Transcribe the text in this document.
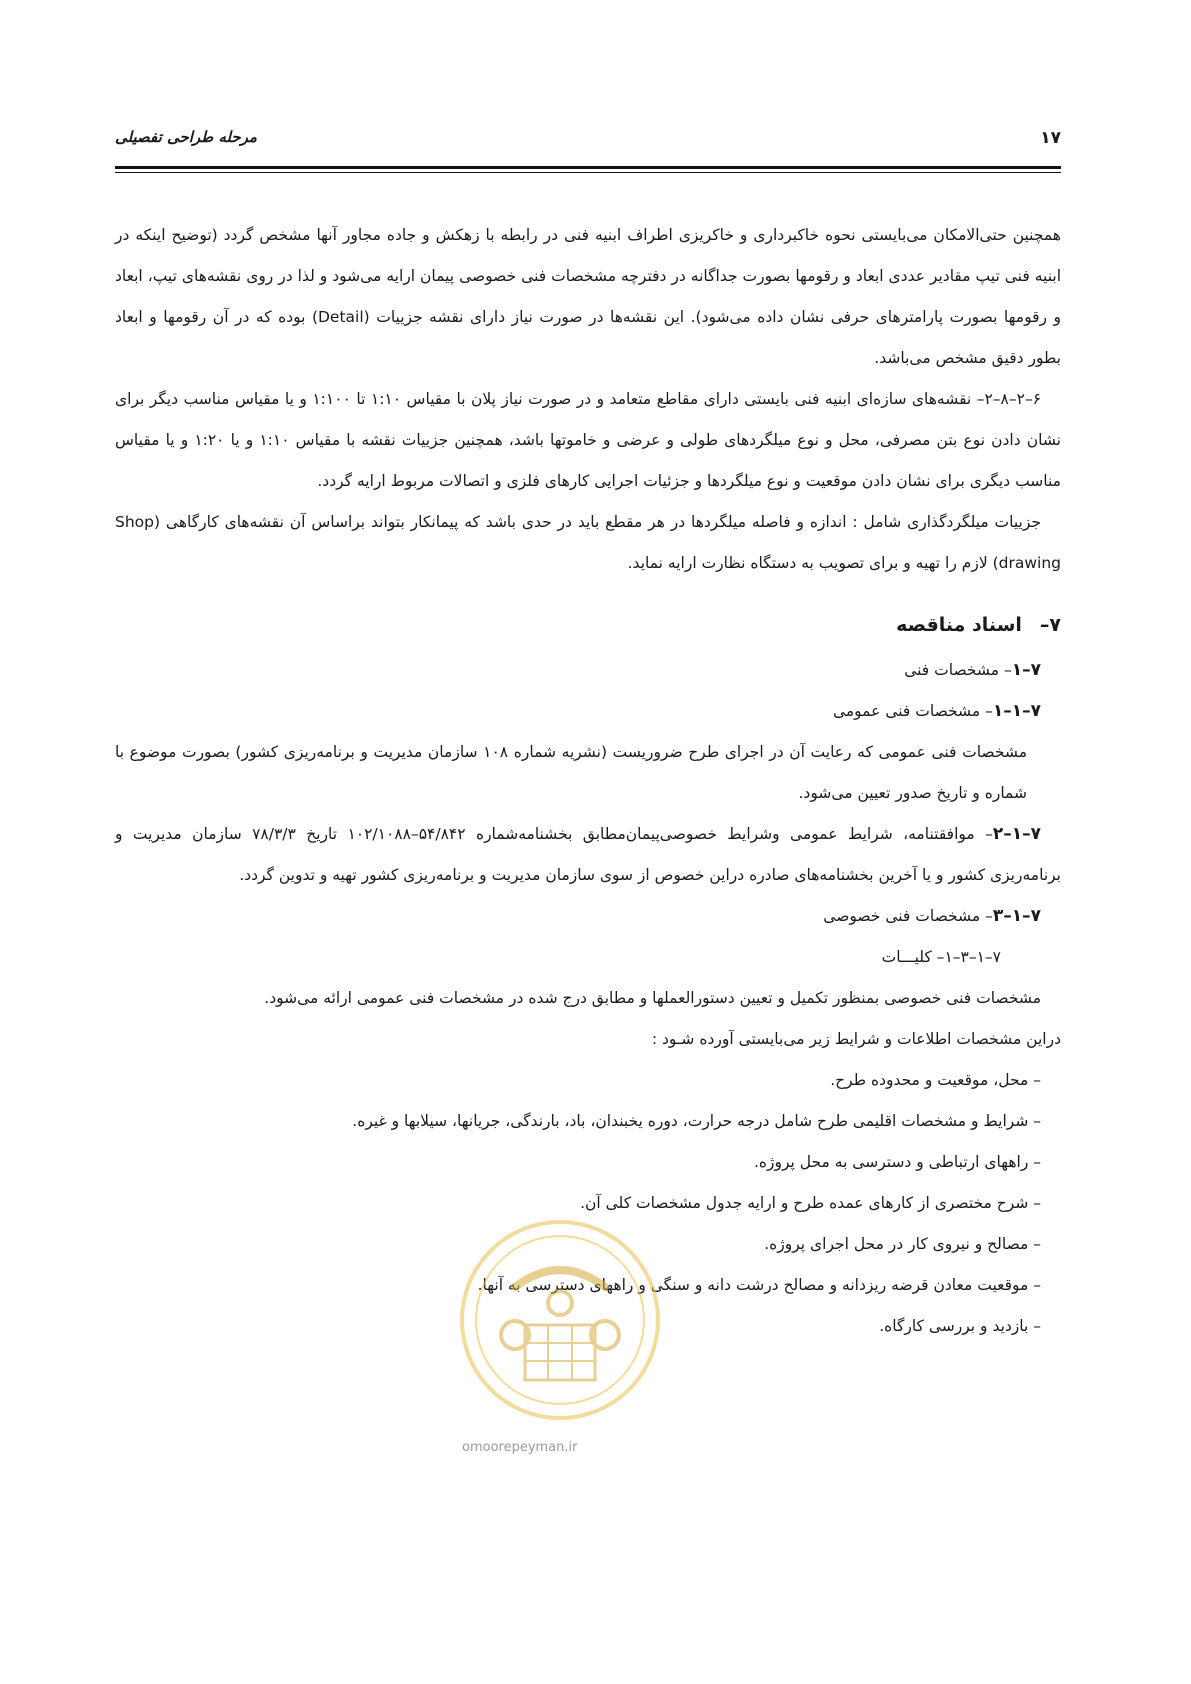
۱۷
مرحله طراحی تفصیلی

همچنین حتی‌الامکان می‌بایستی نحوه خاکبرداری و خاکریزی اطراف ابنیه فنی در رابطه با زهکش و جاده مجاور آنها مشخص گردد (توضیح اینکه در ابنیه فنی تیپ مقادیر عددی ابعاد و رقومها بصورت جداگانه در دفترچه مشخصات فنی خصوصی پیمان ارایه می‌شود و لذا در روی نقشه‌های تیپ، ابعاد و رقومها بصورت پارامترهای حرفی نشان داده می‌شود). این نقشه‌ها در صورت نیاز دارای نقشه جزییات (Detail) بوده که در آن رقومها و ابعاد بطور دقیق مشخص می‌باشد.

۶–۲–۸–۲– نقشه‌های سازه‌ای ابنیه فنی بایستی دارای مقاطع متعامد و در صورت نیاز پلان با مقیاس ۱:۱۰ تا ۱:۱۰۰ و یا مقیاس مناسب دیگر برای نشان دادن نوع بتن مصرفی، محل و نوع میلگردهای طولی و عرضی و خاموتها باشد، همچنین جزییات نقشه با مقیاس ۱:۱۰ و یا ۱:۲۰ و یا مقیاس مناسب دیگری برای نشان دادن موقعیت و نوع میلگردها و جزئیات اجرایی کارهای فلزی و اتصالات مربوط ارایه گردد.

جزییات میلگردگذاری شامل : اندازه و فاصله میلگردها در هر مقطع باید در حدی باشد که پیمانکار بتواند براساس آن نقشه‌های کارگاهی (Shop drawing) لازم را تهیه و برای تصویب به دستگاه نظارت ارایه نماید.

۷–اسناد مناقصه

۷–۱– مشخصات فنی

۷–۱–۱– مشخصات فنی عمومی

مشخصات فنی عمومی که رعایت آن در اجرای طرح ضروریست (نشریه شماره ۱۰۸ سازمان مدیریت و برنامه‌ریزی کشور) بصورت موضوع با شماره و تاریخ صدور تعیین می‌شود.

۷–۱–۲– موافقتنامه، شرایط عمومی وشرایط خصوصی‌پیمان‌مطابق بخشنامه‌شماره ۵۴/۸۴۲–۱۰۲/۱۰۸۸ تاریخ ۷۸/۳/۳ سازمان مدیریت و برنامه‌ریزی کشور و یا آخرین بخشنامه‌های صادره دراین خصوص از سوی سازمان مدیریت و برنامه‌ریزی کشور تهیه و تدوین گردد.

۷–۱–۳– مشخصات فنی خصوصی

۷–۱–۳–۱– کلیـــات

مشخصات فنی خصوصی بمنظور تکمیل و تعیین دستورالعملها و مطابق درج شده در مشخصات فنی عمومی ارائه می‌شود.

دراین مشخصات اطلاعات و شرایط زیر می‌بایستی آورده شـود :

– محل، موقعیت و محدوده طرح.
– شرایط و مشخصات اقلیمی طرح شامل درجه حرارت، دوره یخبندان، باد، بارندگی، جریانها، سیلابها و غیره.
– راههای ارتباطی و دسترسی به محل پروژه.
– شرح مختصری از کارهای عمده طرح و ارایه جدول مشخصات کلی آن.
– مصالح و نیروی کار در محل اجرای پروژه.
– موقعیت معادن قرضه ریزدانه و مصالح درشت دانه و سنگی و راههای دسترسی به آنها.
– بازدید و بررسی کارگاه.
omoorepeyman.ir
